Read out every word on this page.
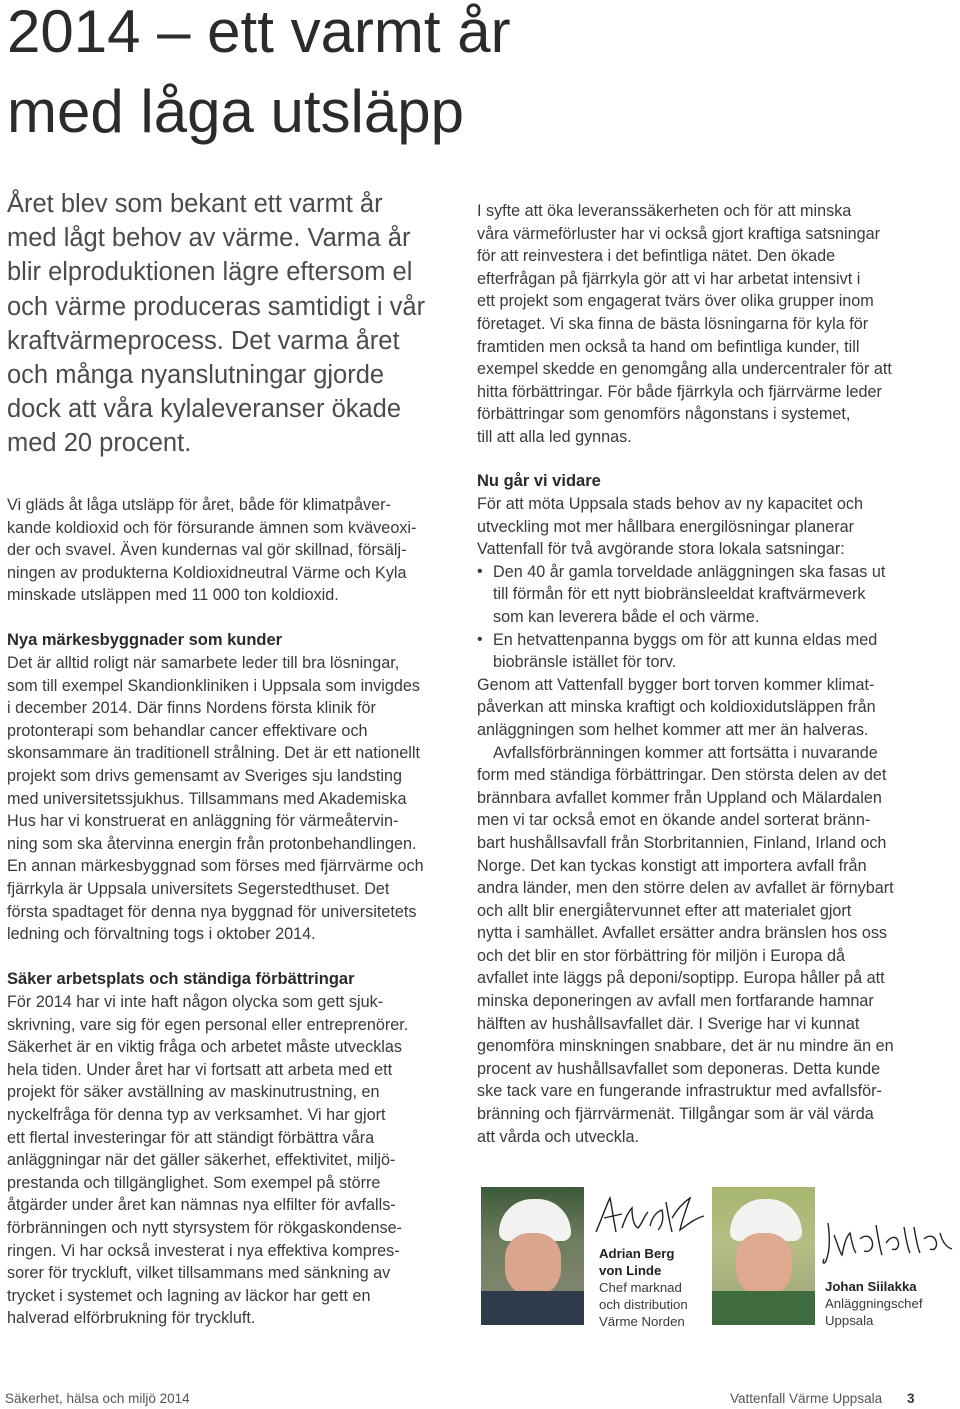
2014 – ett varmt år
med låga utsläpp
Året blev som bekant ett varmt år
med lågt behov av värme. Varma år
blir elproduktionen lägre eftersom el
och värme produceras samtidigt i vår
kraftvärmeprocess. Det varma året
och många nyanslutningar gjorde
dock att våra kylaleveranser ökade
med 20 procent.
Vi gläds åt låga utsläpp för året, både för klimatpåver-
kande koldioxid och för försurande ämnen som kväveoxi-
der och svavel. Även kundernas val gör skillnad, försälj-
ningen av produkterna Koldioxidneutral Värme och Kyla
minskade utsläppen med 11 000 ton koldioxid.
Nya märkesbyggnader som kunder
Det är alltid roligt när samarbete leder till bra lösningar,
som till exempel Skandionkliniken i Uppsala som invigdes
i december 2014. Där finns Nordens första klinik för
protonterapi som behandlar cancer effektivare och
skonsammare än traditionell strålning. Det är ett nationellt
projekt som drivs gemensamt av Sveriges sju landsting
med universitetssjukhus. Tillsammans med Akademiska
Hus har vi konstruerat en anläggning för värmeåtervin-
ning som ska återvinna energin från protonbehandlingen.
En annan märkesbyggnad som förses med fjärrvärme och
fjärrkyla är Uppsala universitets Segerstedthuset. Det
första spadtaget för denna nya byggnad för universitetets
ledning och förvaltning togs i oktober 2014.
Säker arbetsplats och ständiga förbättringar
För 2014 har vi inte haft någon olycka som gett sjuk-
skrivning, vare sig för egen personal eller entreprenörer.
Säkerhet är en viktig fråga och arbetet måste utvecklas
hela tiden. Under året har vi fortsatt att arbeta med ett
projekt för säker avställning av maskinutrustning, en
nyckelfråga för denna typ av verksamhet. Vi har gjort
ett flertal investeringar för att ständigt förbättra våra
anläggningar när det gäller säkerhet, effektivitet, miljö-
prestanda och tillgänglighet. Som exempel på större
åtgärder under året kan nämnas nya elfilter för avfalls-
förbränningen och nytt styrsystem för rökgaskondense-
ringen. Vi har också investerat i nya effektiva kompres-
sorer för tryckluft, vilket tillsammans med sänkning av
trycket i systemet och lagning av läckor har gett en
halverad elförbrukning för tryckluft.
I syfte att öka leveranssäkerheten och för att minska
våra värmeförluster har vi också gjort kraftiga satsningar
för att reinvestera i det befintliga nätet. Den ökade
efterfrågan på fjärrkyla gör att vi har arbetat intensivt i
ett projekt som engagerat tvärs över olika grupper inom
företaget. Vi ska finna de bästa lösningarna för kyla för
framtiden men också ta hand om befintliga kunder, till
exempel skedde en genomgång alla undercentraler för att
hitta förbättringar. För både fjärrkyla och fjärrvärme leder
förbättringar som genomförs någonstans i systemet,
till att alla led gynnas.
Nu går vi vidare
För att möta Uppsala stads behov av ny kapacitet och
utveckling mot mer hållbara energilösningar planerar
Vattenfall för två avgörande stora lokala satsningar:
• Den 40 år gamla torveldade anläggningen ska fasas ut
till förmån för ett nytt biobränsleeldat kraftvärmeverk
som kan leverera både el och värme.
• En hetvattenpanna byggs om för att kunna eldas med
biobränsle istället för torv.
Genom att Vattenfall bygger bort torven kommer klimat-
påverkan att minska kraftigt och koldioxidutsläppen från
anläggningen som helhet kommer att mer än halveras.
Avfallsförbränningen kommer att fortsätta i nuvarande
form med ständiga förbättringar. Den största delen av det
brännbara avfallet kommer från Uppland och Mälardalen
men vi tar också emot en ökande andel sorterat bränn-
bart hushållsavfall från Storbritannien, Finland, Irland och
Norge. Det kan tyckas konstigt att importera avfall från
andra länder, men den större delen av avfallet är förnybart
och allt blir energiåtervunnet efter att materialet gjort
nytta i samhället. Avfallet ersätter andra bränslen hos oss
och det blir en stor förbättring för miljön i Europa då
avfallet inte läggs på deponi/soptipp. Europa håller på att
minska deponeringen av avfall men fortfarande hamnar
hälften av hushållsavfallet där. I Sverige har vi kunnat
genomföra minskningen snabbare, det är nu mindre än en
procent av hushållsavfallet som deponeras. Detta kunde
ske tack vare en fungerande infrastruktur med avfallsför-
bränning och fjärrvärmenät. Tillgångar som är väl värda
att vårda och utveckla.
Adrian Berg
von Linde
Chef marknad
och distribution
Värme Norden
Johan Siilakka
Anläggningschef
Uppsala
Säkerhet, hälsa och miljö 2014	Vattenfall Värme Uppsala 3
